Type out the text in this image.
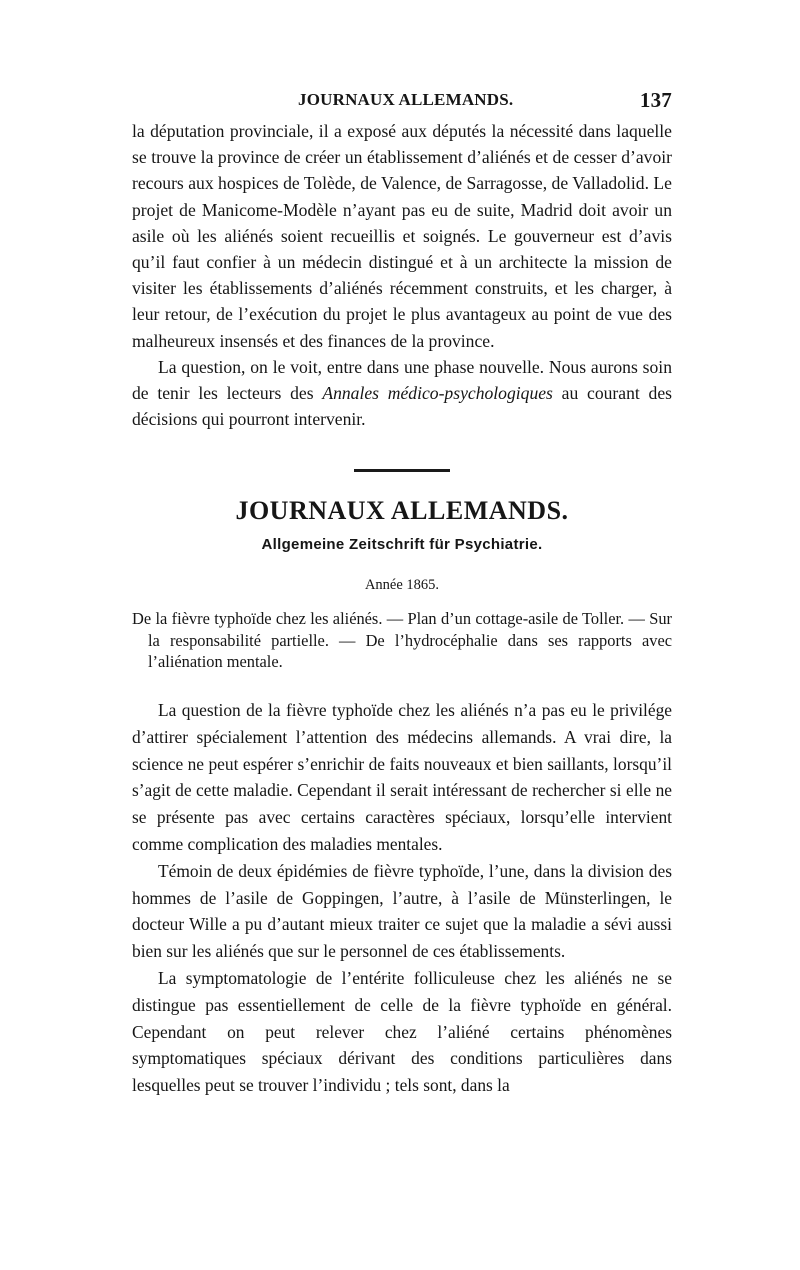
JOURNAUX ALLEMANDS.	137

la députation provinciale, il a exposé aux députés la nécessité dans laquelle se trouve la province de créer un établissement d’aliénés et de cesser d’avoir recours aux hospices de Tolède, de Valence, de Sarragosse, de Valladolid. Le projet de Manicome-Modèle n’ayant pas eu de suite, Madrid doit avoir un asile où les aliénés soient recueillis et soignés. Le gouverneur est d’avis qu’il faut confier à un médecin distingué et à un architecte la mission de visiter les établissements d’aliénés récemment construits, et les charger, à leur retour, de l’exécution du projet le plus avantageux au point de vue des malheureux insensés et des finances de la province.

La question, on le voit, entre dans une phase nouvelle. Nous aurons soin de tenir les lecteurs des Annales médico-psychologiques au courant des décisions qui pourront intervenir.

JOURNAUX ALLEMANDS.

Allgemeine Zeitschrift für Psychiatrie.

Année 1865.

De la fièvre typhoïde chez les aliénés. — Plan d’un cottage-asile de Toller. — Sur la responsabilité partielle. — De l’hydrocéphalie dans ses rapports avec l’aliénation mentale.

La question de la fièvre typhoïde chez les aliénés n’a pas eu le privilége d’attirer spécialement l’attention des médecins allemands. A vrai dire, la science ne peut espérer s’enrichir de faits nouveaux et bien saillants, lorsqu’il s’agit de cette maladie. Cependant il serait intéressant de rechercher si elle ne se présente pas avec certains caractères spéciaux, lorsqu’elle intervient comme complication des maladies mentales.

Témoin de deux épidémies de fièvre typhoïde, l’une, dans la division des hommes de l’asile de Goppingen, l’autre, à l’asile de Münsterlingen, le docteur Wille a pu d’autant mieux traiter ce sujet que la maladie a sévi aussi bien sur les aliénés que sur le personnel de ces établissements.

La symptomatologie de l’entérite folliculeuse chez les aliénés ne se distingue pas essentiellement de celle de la fièvre typhoïde en général. Cependant on peut relever chez l’aliéné certains phénomènes symptomatiques spéciaux dérivant des conditions particulières dans lesquelles peut se trouver l’individu ; tels sont, dans la
